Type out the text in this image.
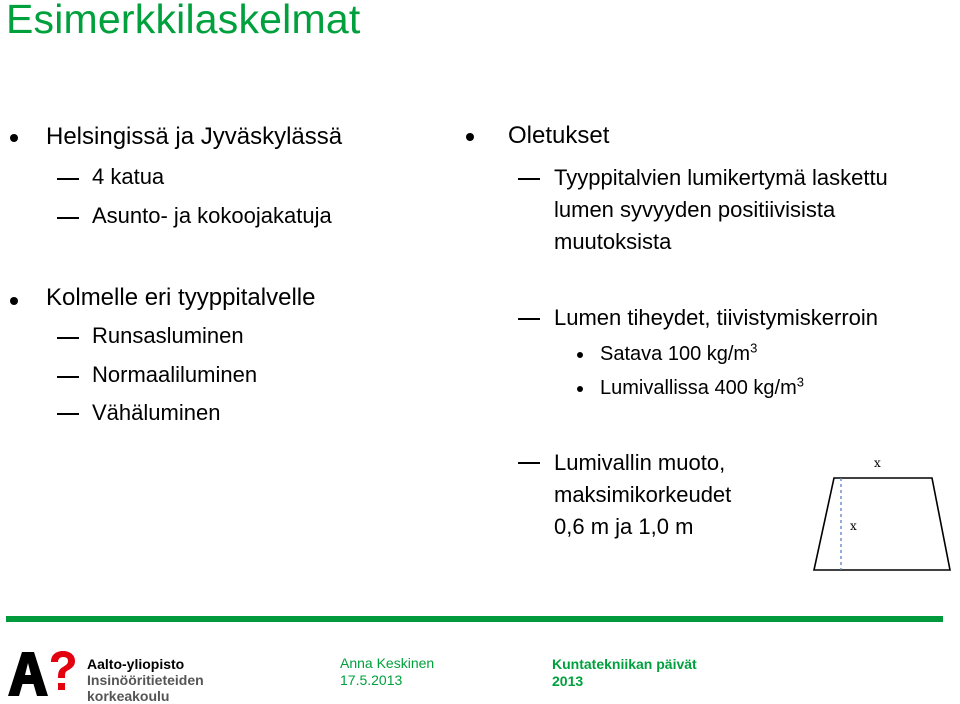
Esimerkkilaskelmat
Helsingissä ja Jyväskylässä
4 katua
Asunto- ja kokoojakatuja
Kolmelle eri tyyppitalvelle
Runsasluminen
Normaaliluminen
Vähäluminen
Oletukset
Tyyppitalvien lumikertymä laskettu
lumen syvyyden positiivisista
muutoksista
Lumen tiheydet, tiivistymiskerroin
Satava 100 $kg/m^3$
Lumivallissa 400 $kg/m^3$
Lumivallin muoto,
maksimikorkeudet
0,6 m ja 1,0 m
x
x
Aalto-yliopisto
Insinööritieteiden
korkeakoulu
Anna Keskinen
17.5.2013
Kuntatekniikan päivät
2013
